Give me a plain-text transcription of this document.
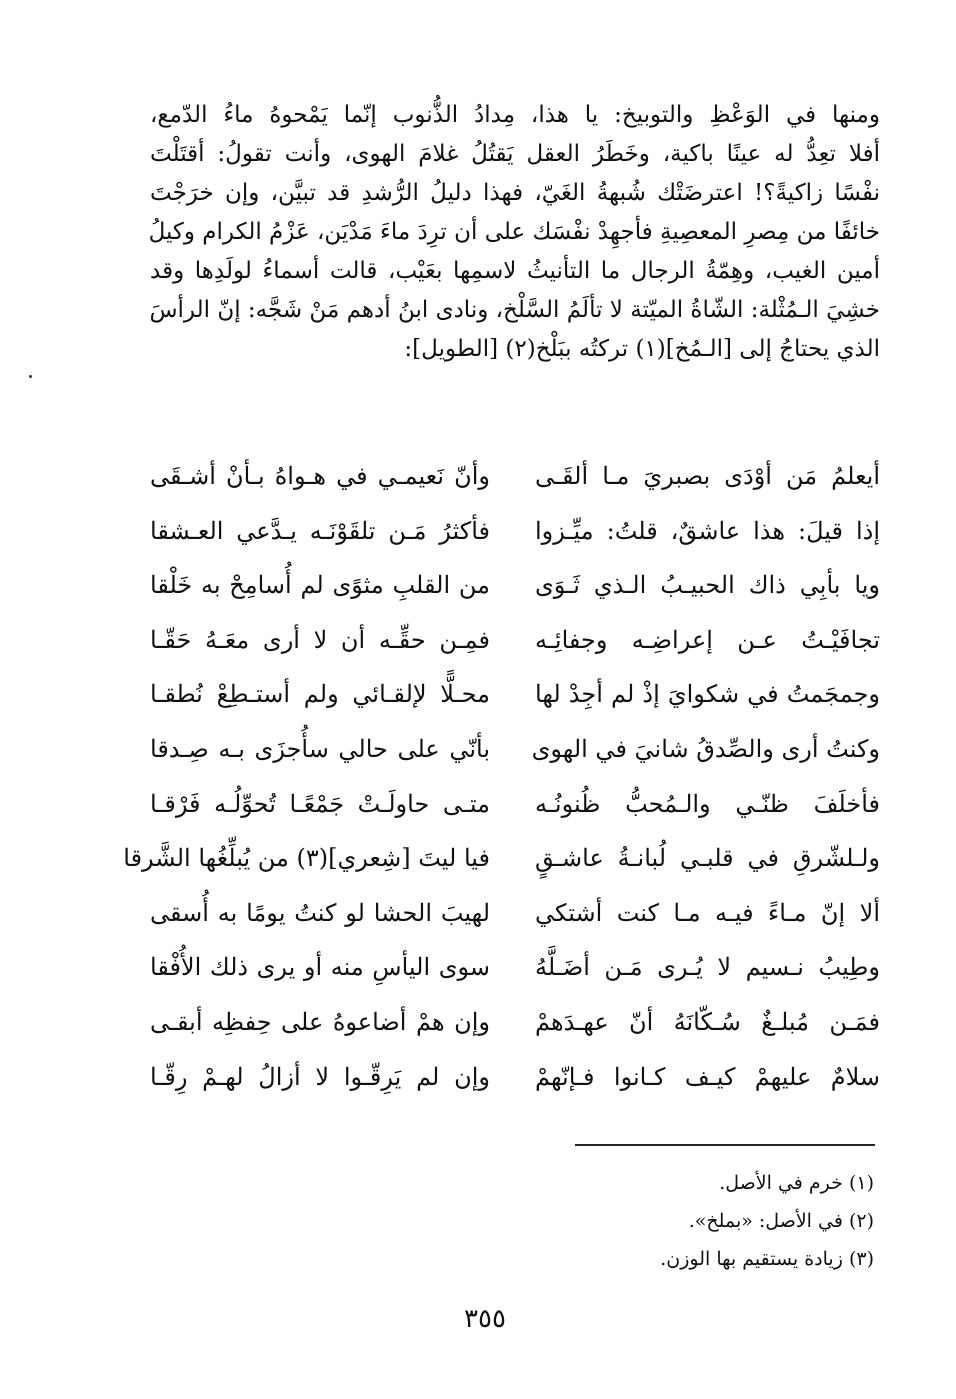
ومنها في الوَعْظِ والتوبيخ: يا هذا، مِدادُ الذُّنوب إنّما يَمْحوهُ ماءُ الدّمع،
أفلا تعِدُّ له عينًا باكية، وخَطَرُ العقل يَقتُلُ غلامَ الهوى، وأنت تقولُ: أقتَلْتَ
نفْسًا زاكيةً؟! اعترضَتْك شُبهةُ الغَيّ، فهذا دليلُ الرُّشدِ قد تبيَّن، وإن خرَجْتَ
خائفًا من مِصرِ المعصِيةِ فأجهِدْ نفْسَك على أن ترِدَ ماءَ مَدْيَن، عَزْمُ الكرام وكيلُ
أمين الغيب، وهِمّةُ الرجال ما التأنيثُ لاسمِها بعَيْب، قالت أسماءُ لولَدِها وقد
خشِيَ الـمُثْلة: الشّاةُ الميّتة لا تألَمُ السَّلْخ، ونادى ابنُ أدهم مَنْ شَجَّه: إنّ الرأسَ
الذي يحتاجُ إلى [الـمُخ](١) تركتُه ببَلْخ(٢) [الطويل]:
أيعلمُ مَن أوْدَى بصبريَ مـا ألقَـى
وأنّ نَعيمـي في هـواهُ بـأنْ أشـقَى
إذا قيلَ: هذا عاشقٌ، قلتُ: ميِّـزوا
فأكثرُ مَـن تلقَوْنَـه يـدَّعي العـشقا
ويا بأبِي ذاك الحبيـبُ الـذي ثَـوَى
من القلبِ مثوًى لم أُسامِحْ به خَلْقا
تجافَيْـتُ عـن إعراضِـه وجفائِـه
فمِـن حقِّـه أن لا أرى معَـهُ حَقّـا
وجمجَمتُ في شكوايَ إذْ لم أجِدْ لها
محـلًّا لإلقـائي ولم أستـطِعْ نُطقـا
وكنتُ أرى والصِّدقُ شانيَ في الهوى
بأنّي على حالي سأُجزَى بـه صِـدقا
فأخلَفَ ظنّـي والـمُحبُّ ظُنونُـه
متـى حاولَـتْ جَمْعًـا تُحوِّلُـه فَرْقـا
ولـلشّرقِ في قلبـي لُبانـةُ عاشـقٍ
فيا ليتَ [شِعري](٣) من يُبلِّغُها الشَّرقا
ألا إنّ مـاءً فيـه مـا كنت أشتكي
لهيبَ الحشا لو كنتُ يومًا به أُسقى
وطِيبُ نـسيم لا يُـرى مَـن أضَـلَّهُ
سوى اليأسِ منه أو يرى ذلك الأُفْقا
فمَـن مُبلـغٌ سُـكّانَهُ أنّ عهـدَهمْ
وإن همْ أضاعوهُ على حِفظِه أبقـى
سلامٌ عليهمْ كيـف كـانوا فـإنّهمْ
وإن لم يَرِقّـوا لا أزالُ لهـمْ رِقّـا
(١) خرم في الأصل.
(٢) في الأصل: «بملخ».
(٣) زيادة يستقيم بها الوزن.
٣٥٥
